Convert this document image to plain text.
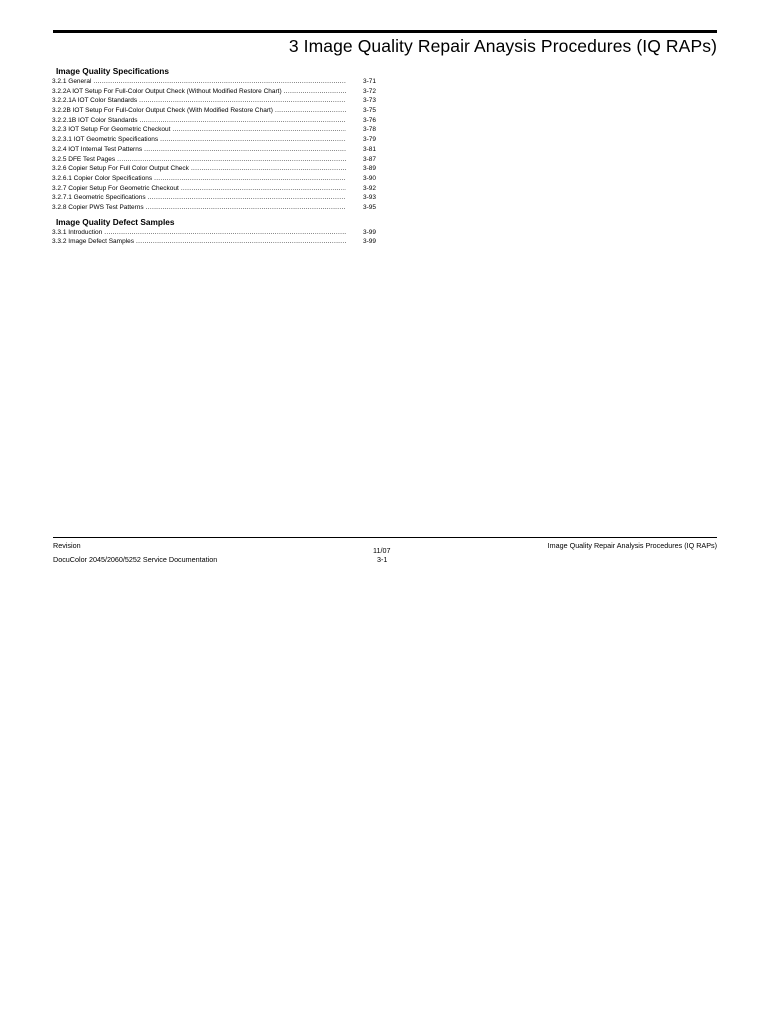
3 Image Quality Repair Anaysis Procedures (IQ RAPs)
Image Quality Specifications
3.2.1 General .....	3-71
3.2.2A IOT Setup For Full-Color Output Check (Without Modified Restore Chart) .....	3-72
3.2.2.1A IOT Color Standards .....	3-73
3.2.2B IOT Setup For Full-Color Output Check (With Modified Restore Chart) .....	3-75
3.2.2.1B IOT Color Standards .....	3-76
3.2.3 IOT Setup For Geometric Checkout .....	3-78
3.2.3.1 IOT Geometric Specifications .....	3-79
3.2.4 IOT Internal Test Patterns .....	3-81
3.2.5 DFE Test Pages .....	3-87
3.2.6 Copier Setup For Full Color Output Check .....	3-89
3.2.6.1 Copier Color Specifications .....	3-90
3.2.7 Copier Setup For Geometric Checkout .....	3-92
3.2.7.1 Geometric Specifications .....	3-93
3.2.8 Copier PWS Test Patterns .....	3-95
Image Quality Defect Samples
3.3.1 Introduction .....	3-99
3.3.2 Image Defect Samples .....	3-99
Revision
DocuColor 2045/2060/5252 Service Documentation
11/07
3-1
Image Quality Repair Analysis Procedures (IQ RAPs)
